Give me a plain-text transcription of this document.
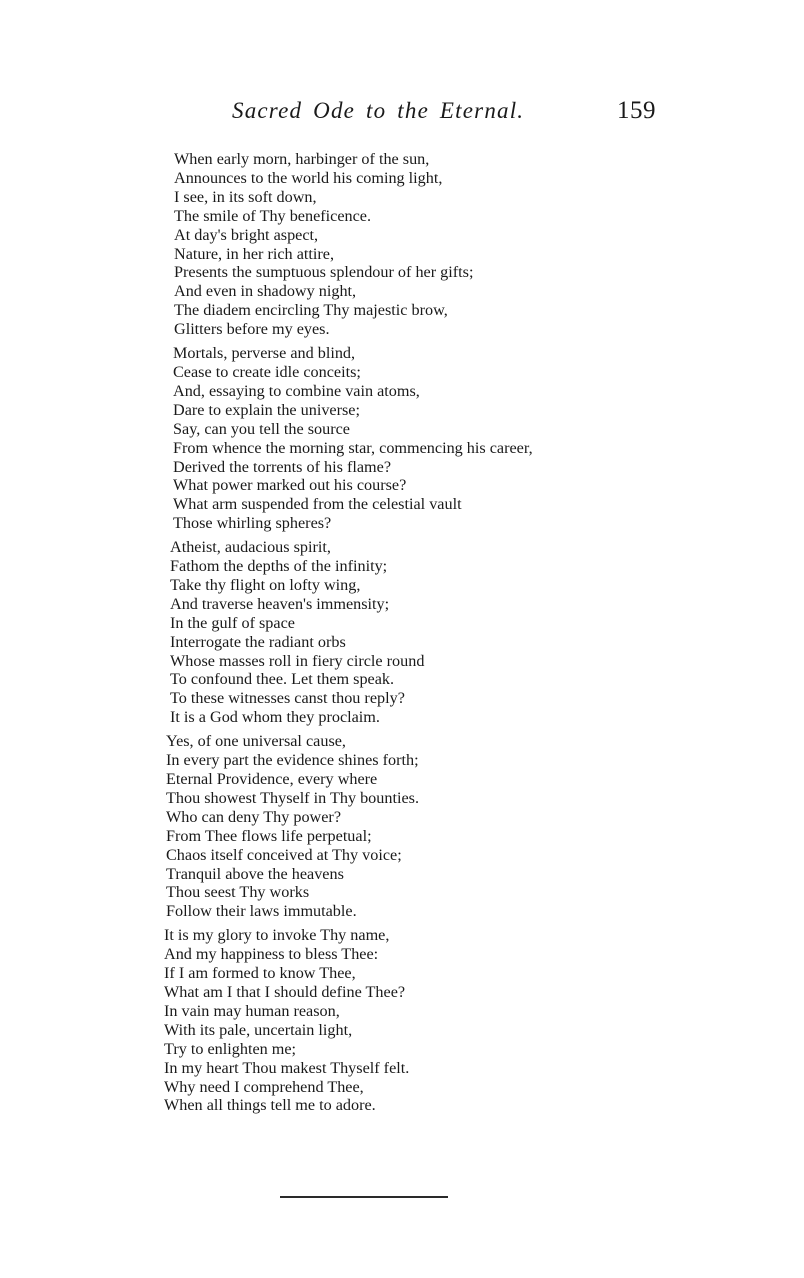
Sacred Ode to the Eternal.	159
When early morn, harbinger of the sun,
Announces to the world his coming light,
I see, in its soft down,
The smile of Thy beneficence.
At day's bright aspect,
Nature, in her rich attire,
Presents the sumptuous splendour of her gifts;
And even in shadowy night,
The diadem encircling Thy majestic brow,
Glitters before my eyes.
Mortals, perverse and blind,
Cease to create idle conceits;
And, essaying to combine vain atoms,
Dare to explain the universe;
Say, can you tell the source
From whence the morning star, commencing his career,
Derived the torrents of his flame?
What power marked out his course?
What arm suspended from the celestial vault
Those whirling spheres?
Atheist, audacious spirit,
Fathom the depths of the infinity;
Take thy flight on lofty wing,
And traverse heaven's immensity;
In the gulf of space
Interrogate the radiant orbs
Whose masses roll in fiery circle round
To confound thee. Let them speak.
To these witnesses canst thou reply?
It is a God whom they proclaim.
Yes, of one universal cause,
In every part the evidence shines forth;
Eternal Providence, every where
Thou showest Thyself in Thy bounties.
Who can deny Thy power?
From Thee flows life perpetual;
Chaos itself conceived at Thy voice;
Tranquil above the heavens
Thou seest Thy works
Follow their laws immutable.
It is my glory to invoke Thy name,
And my happiness to bless Thee:
If I am formed to know Thee,
What am I that I should define Thee?
In vain may human reason,
With its pale, uncertain light,
Try to enlighten me;
In my heart Thou makest Thyself felt.
Why need I comprehend Thee,
When all things tell me to adore.
